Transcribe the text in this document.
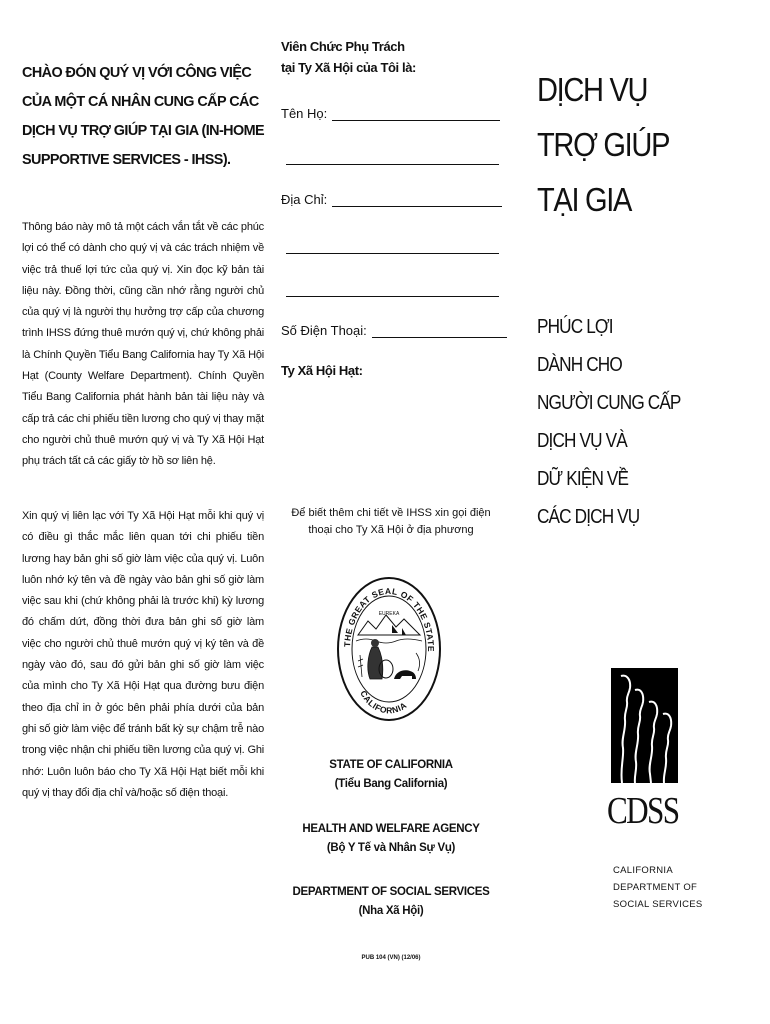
CHÀO ĐÓN QUÝ VỊ VỚI CÔNG VIỆC
CỦA MỘT CÁ NHÂN CUNG CẤP CÁC
DỊCH VỤ TRỢ GIÚP TẠI GIA (IN-HOME
SUPPORTIVE SERVICES - IHSS).
Thông báo này mô tả một cách vắn tắt về các phúc lợi có thể có dành cho quý vị và các trách nhiệm về việc trả thuế lợi tức của quý vị. Xin đọc kỹ bản tài liệu này. Đồng thời, cũng cần nhớ rằng người chủ của quý vị là người thụ hưởng trợ cấp của chương trình IHSS đứng thuê mướn quý vị, chứ không phải là Chính Quyền Tiểu Bang California hay Ty Xã Hội Hạt (County Welfare Department). Chính Quyền Tiểu Bang California phát hành bản tài liệu này và cấp trả các chi phiếu tiền lương cho quý vị thay mặt cho người chủ thuê mướn quý vị và Ty Xã Hội Hạt phụ trách tất cả các giấy tờ hồ sơ liên hệ.
Xin quý vị liên lạc với Ty Xã Hội Hạt mỗi khi quý vị có điều gì thắc mắc liên quan tới chi phiếu tiền lương hay bản ghi số giờ làm việc của quý vị. Luôn luôn nhớ ký tên và đề ngày vào bản ghi số giờ làm việc sau khi (chứ không phải là trước khi) kỳ lương đó chấm dứt, đồng thời đưa bản ghi số giờ làm việc cho người chủ thuê mướn quý vị ký tên và đề ngày vào đó, sau đó gửi bản ghi số giờ làm việc của mình cho Ty Xã Hội Hạt qua đường bưu điện theo địa chỉ in ở góc bên phải phía dưới của bản ghi số giờ làm việc để tránh bất kỳ sự chậm trễ nào trong việc nhận chi phiếu tiền lương của quý vị. Ghi nhớ: Luôn luôn báo cho Ty Xã Hội Hạt biết mỗi khi quý vị thay đổi địa chỉ và/hoặc số điện thoại.
Viên Chức Phụ Trách
tại Ty Xã Hội của Tôi là:
Tên Họ:
Địa Chỉ:
Số Điện Thoại:
Ty Xã Hội Hạt:
Để biết thêm chi tiết về IHSS xin gọi điện thoại cho Ty Xã Hội ở địa phương
THE GREAT SEAL OF THE STATE
CALIFORNIA
EUREKA
STATE OF CALIFORNIA
(Tiểu Bang California)
HEALTH AND WELFARE AGENCY
(Bộ Y Tế và Nhân Sự Vụ)
DEPARTMENT OF SOCIAL SERVICES
(Nha Xã Hội)
PUB 104 (VN) (12/06)
DỊCH VỤ
TRỢ GIÚP
TẠI GIA
PHÚC LỢI
DÀNH CHO
NGƯỜI CUNG CẤP
DỊCH VỤ VÀ
DỮ KIỆN VỀ
CÁC DỊCH VỤ
CDSS
CALIFORNIA
DEPARTMENT OF
SOCIAL SERVICES
